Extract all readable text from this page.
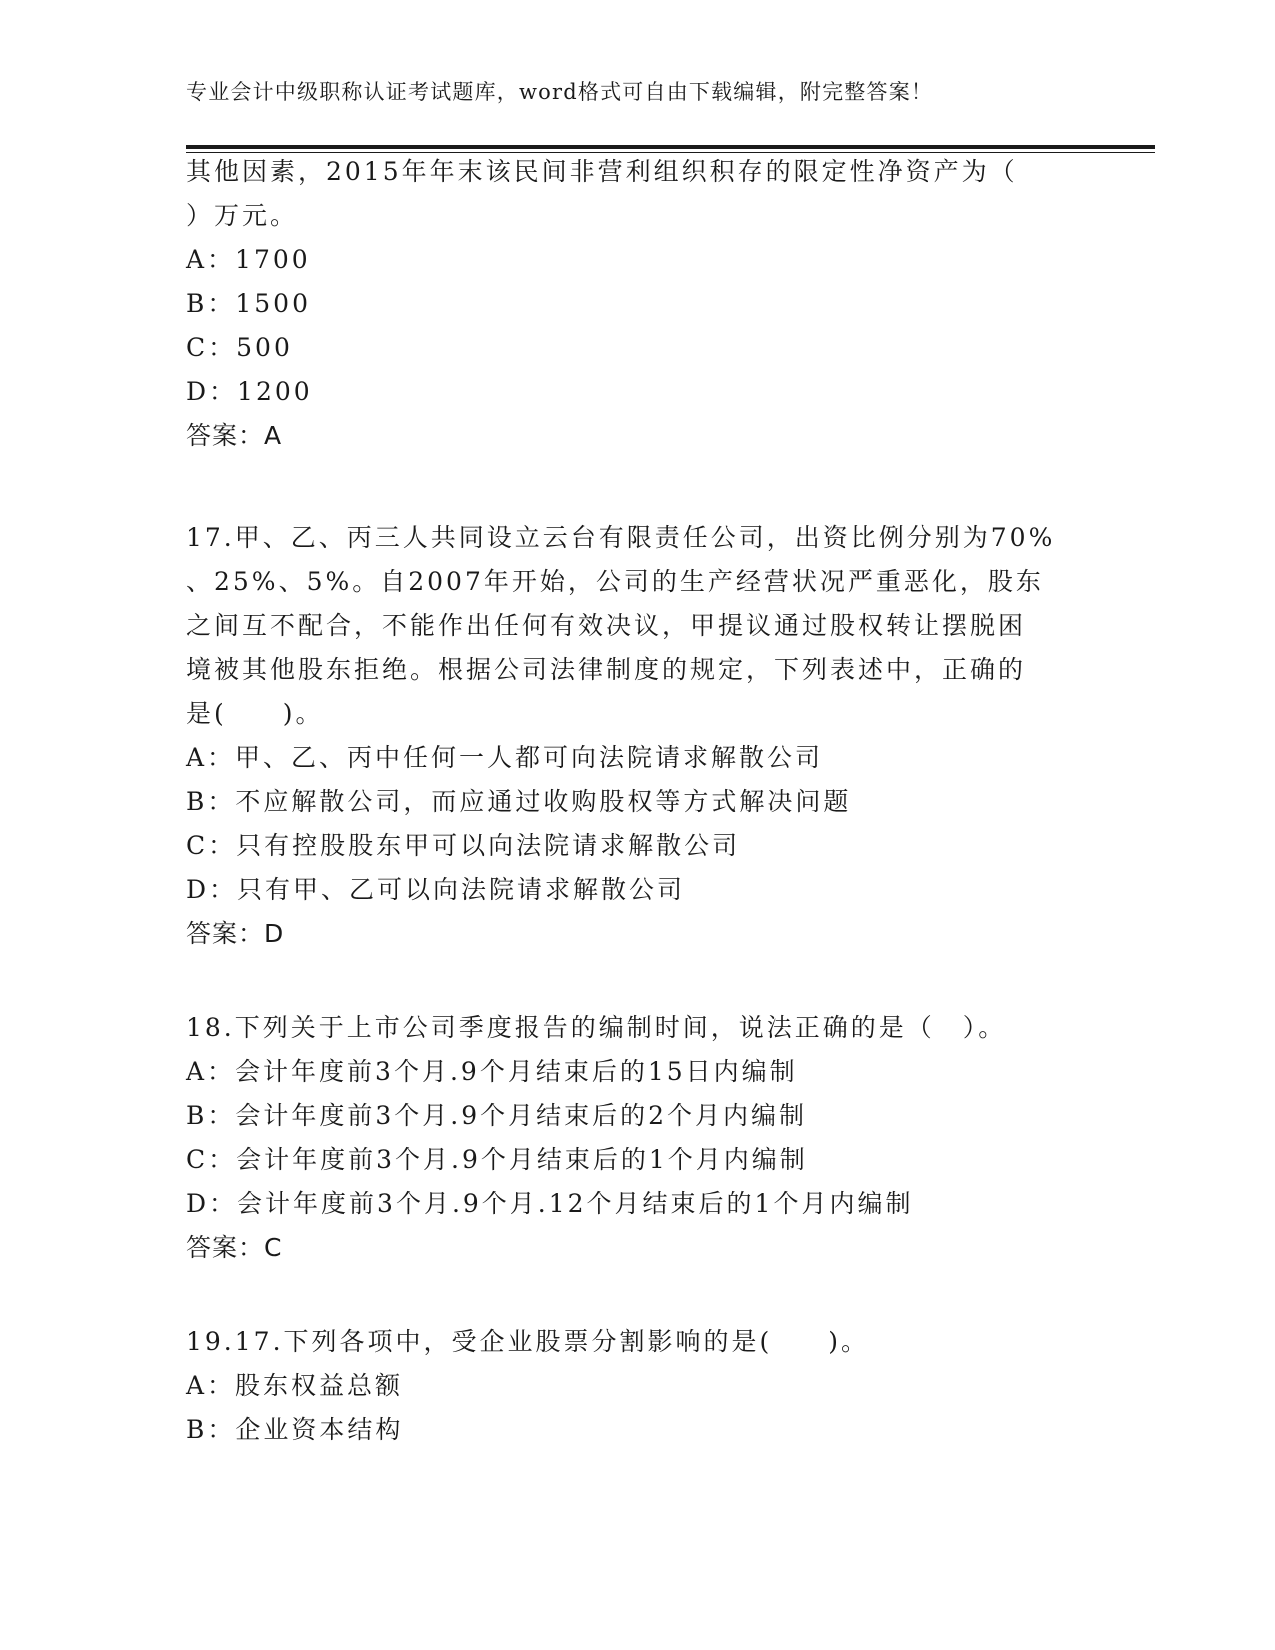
专业会计中级职称认证考试题库，word格式可自由下载编辑，附完整答案！
其他因素，2015年年末该民间非营利组织积存的限定性净资产为（
）万元。
A：1700
B：1500
C：500
D：1200
答案：A
17.甲、乙、丙三人共同设立云台有限责任公司，出资比例分别为70%
、25%、5%。自2007年开始，公司的生产经营状况严重恶化，股东
之间互不配合，不能作出任何有效决议，甲提议通过股权转让摆脱困
境被其他股东拒绝。根据公司法律制度的规定，下列表述中，正确的
是(　　)。
A：甲、乙、丙中任何一人都可向法院请求解散公司
B：不应解散公司，而应通过收购股权等方式解决问题
C：只有控股股东甲可以向法院请求解散公司
D：只有甲、乙可以向法院请求解散公司
答案：D
18.下列关于上市公司季度报告的编制时间，说法正确的是（　）。
A：会计年度前3个月.9个月结束后的15日内编制
B：会计年度前3个月.9个月结束后的2个月内编制
C：会计年度前3个月.9个月结束后的1个月内编制
D：会计年度前3个月.9个月.12个月结束后的1个月内编制
答案：C
19.17.下列各项中，受企业股票分割影响的是(　　)。
A：股东权益总额
B：企业资本结构
